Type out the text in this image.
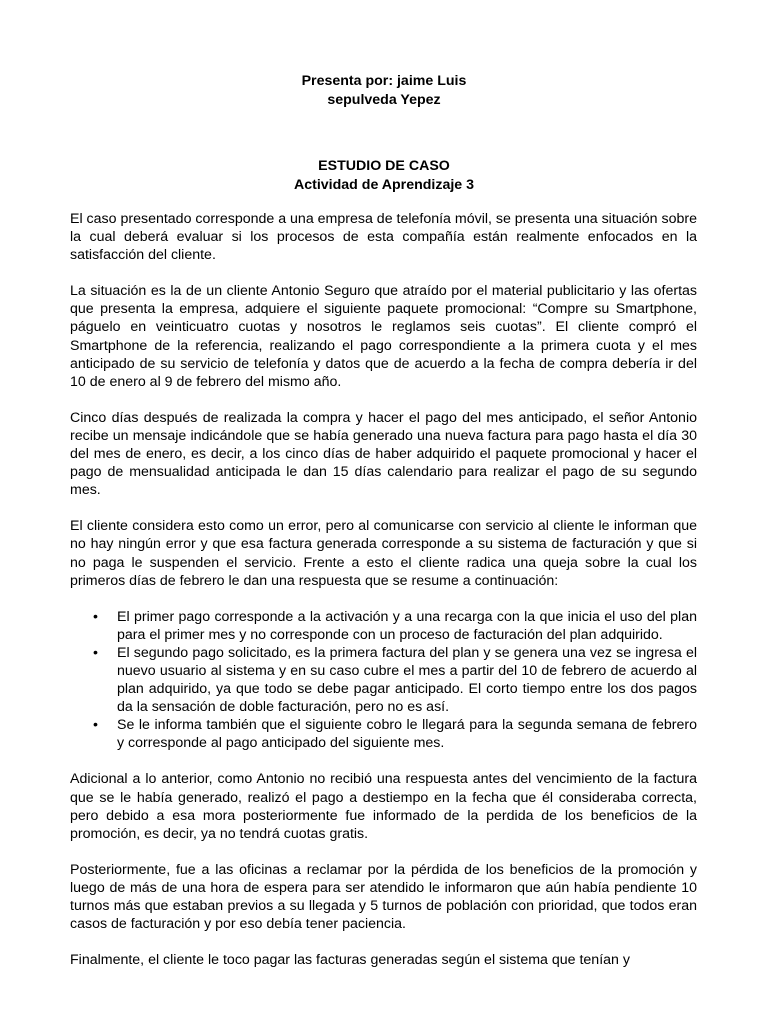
Presenta por: jaime Luis
sepulveda Yepez
ESTUDIO DE CASO
Actividad de Aprendizaje 3

El caso presentado corresponde a una empresa de telefonía móvil, se presenta una situación sobre la cual deberá evaluar si los procesos de esta compañía están realmente enfocados en la satisfacción del cliente.

La situación es la de un cliente Antonio Seguro que atraído por el material publicitario y las ofertas que presenta la empresa, adquiere el siguiente paquete promocional: “Compre su Smartphone, páguelo en veinticuatro cuotas y nosotros le reglamos seis cuotas”. El cliente compró el Smartphone de la referencia, realizando el pago correspondiente a la primera cuota y el mes anticipado de su servicio de telefonía y datos que de acuerdo a la fecha de compra debería ir del 10 de enero al 9 de febrero del mismo año.

Cinco días después de realizada la compra y hacer el pago del mes anticipado, el señor Antonio recibe un mensaje indicándole que se había generado una nueva factura para pago hasta el día 30 del mes de enero, es decir, a los cinco días de haber adquirido el paquete promocional y hacer el pago de mensualidad anticipada le dan 15 días calendario para realizar el pago de su segundo mes.

El cliente considera esto como un error, pero al comunicarse con servicio al cliente le informan que no hay ningún error y que esa factura generada corresponde a su sistema de facturación y que si no paga le suspenden el servicio. Frente a esto el cliente radica una queja sobre la cual los primeros días de febrero le dan una respuesta que se resume a continuación:

• El primer pago corresponde a la activación y a una recarga con la que inicia el uso del plan para el primer mes y no corresponde con un proceso de facturación del plan adquirido.
• El segundo pago solicitado, es la primera factura del plan y se genera una vez se ingresa el nuevo usuario al sistema y en su caso cubre el mes a partir del 10 de febrero de acuerdo al plan adquirido, ya que todo se debe pagar anticipado. El corto tiempo entre los dos pagos da la sensación de doble facturación, pero no es así.
• Se le informa también que el siguiente cobro le llegará para la segunda semana de febrero y corresponde al pago anticipado del siguiente mes.

Adicional a lo anterior, como Antonio no recibió una respuesta antes del vencimiento de la factura que se le había generado, realizó el pago a destiempo en la fecha que él consideraba correcta, pero debido a esa mora posteriormente fue informado de la perdida de los beneficios de la promoción, es decir, ya no tendrá cuotas gratis.

Posteriormente, fue a las oficinas a reclamar por la pérdida de los beneficios de la promoción y luego de más de una hora de espera para ser atendido le informaron que aún había pendiente 10 turnos más que estaban previos a su llegada y 5 turnos de población con prioridad, que todos eran casos de facturación y por eso debía tener paciencia.

Finalmente, el cliente le toco pagar las facturas generadas según el sistema que tenían y
